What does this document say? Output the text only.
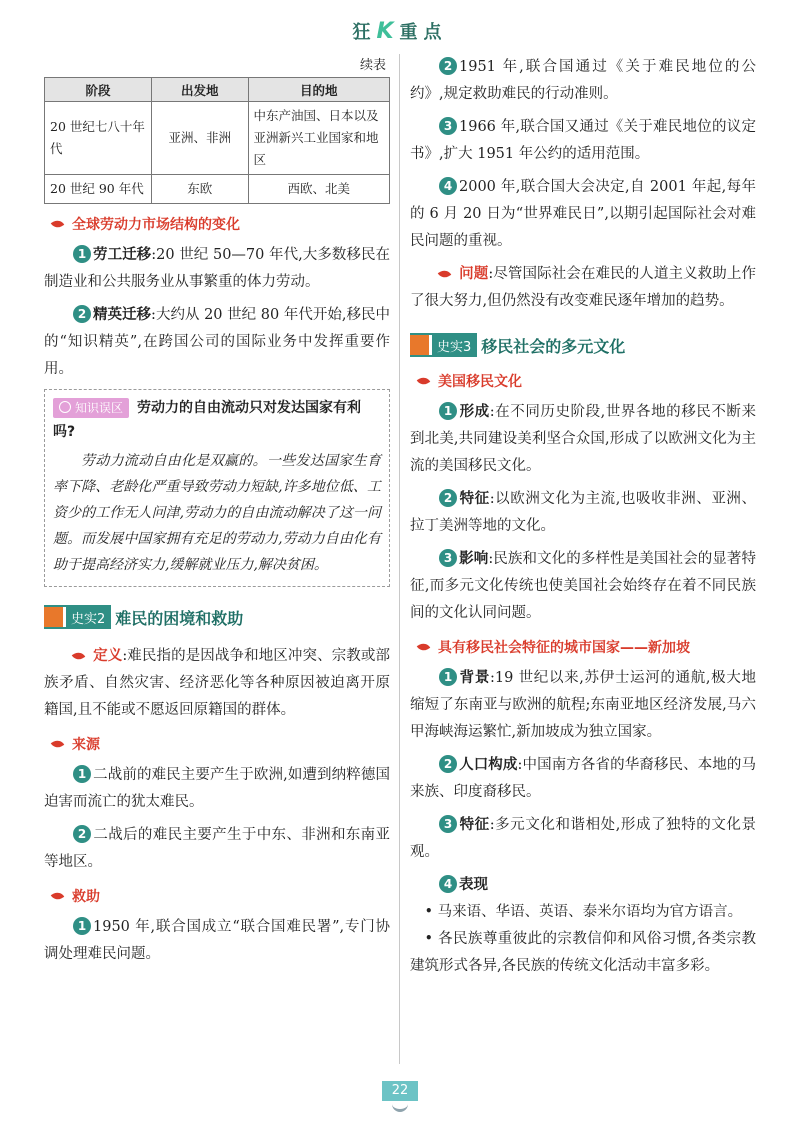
狂K重点
续表
阶段	出发地	目的地
20 世纪七八十年代	亚洲、非洲	中东产油国、日本以及亚洲新兴工业国家和地区
20 世纪 90 年代	东欧	西欧、北美
全球劳动力市场结构的变化
1 劳工迁移:20 世纪 50—70 年代,大多数移民在制造业和公共服务业从事繁重的体力劳动。
2 精英迁移:大约从 20 世纪 80 年代开始,移民中的“知识精英”,在跨国公司的国际业务中发挥重要作用。
知识误区 劳动力的自由流动只对发达国家有利吗?
劳动力流动自由化是双赢的。一些发达国家生育率下降、老龄化严重导致劳动力短缺,许多地位低、工资少的工作无人问津,劳动力的自由流动解决了这一问题。而发展中国家拥有充足的劳动力,劳动力自由化有助于提高经济实力,缓解就业压力,解决贫困。
史实2 难民的困境和救助
定义:难民指的是因战争和地区冲突、宗教或部族矛盾、自然灾害、经济恶化等各种原因被迫离开原籍国,且不能或不愿返回原籍国的群体。
来源
1 二战前的难民主要产生于欧洲,如遭到纳粹德国迫害而流亡的犹太难民。
2 二战后的难民主要产生于中东、非洲和东南亚等地区。
救助
1 1950 年,联合国成立“联合国难民署”,专门协调处理难民问题。
2 1951 年,联合国通过《关于难民地位的公约》,规定救助难民的行动准则。
3 1966 年,联合国又通过《关于难民地位的议定书》,扩大 1951 年公约的适用范围。
4 2000 年,联合国大会决定,自 2001 年起,每年的 6 月 20 日为“世界难民日”,以期引起国际社会对难民问题的重视。
问题:尽管国际社会在难民的人道主义救助上作了很大努力,但仍然没有改变难民逐年增加的趋势。
史实3 移民社会的多元文化
美国移民文化
1 形成:在不同历史阶段,世界各地的移民不断来到北美,共同建设美利坚合众国,形成了以欧洲文化为主流的美国移民文化。
2 特征:以欧洲文化为主流,也吸收非洲、亚洲、拉丁美洲等地的文化。
3 影响:民族和文化的多样性是美国社会的显著特征,而多元文化传统也使美国社会始终存在着不同民族间的文化认同问题。
具有移民社会特征的城市国家——新加坡
1 背景:19 世纪以来,苏伊士运河的通航,极大地缩短了东南亚与欧洲的航程;东南亚地区经济发展,马六甲海峡海运繁忙,新加坡成为独立国家。
2 人口构成:中国南方各省的华裔移民、本地的马来族、印度裔移民。
3 特征:多元文化和谐相处,形成了独特的文化景观。
4 表现
• 马来语、华语、英语、泰米尔语均为官方语言。
• 各民族尊重彼此的宗教信仰和风俗习惯,各类宗教建筑形式各异,各民族的传统文化活动丰富多彩。
22
